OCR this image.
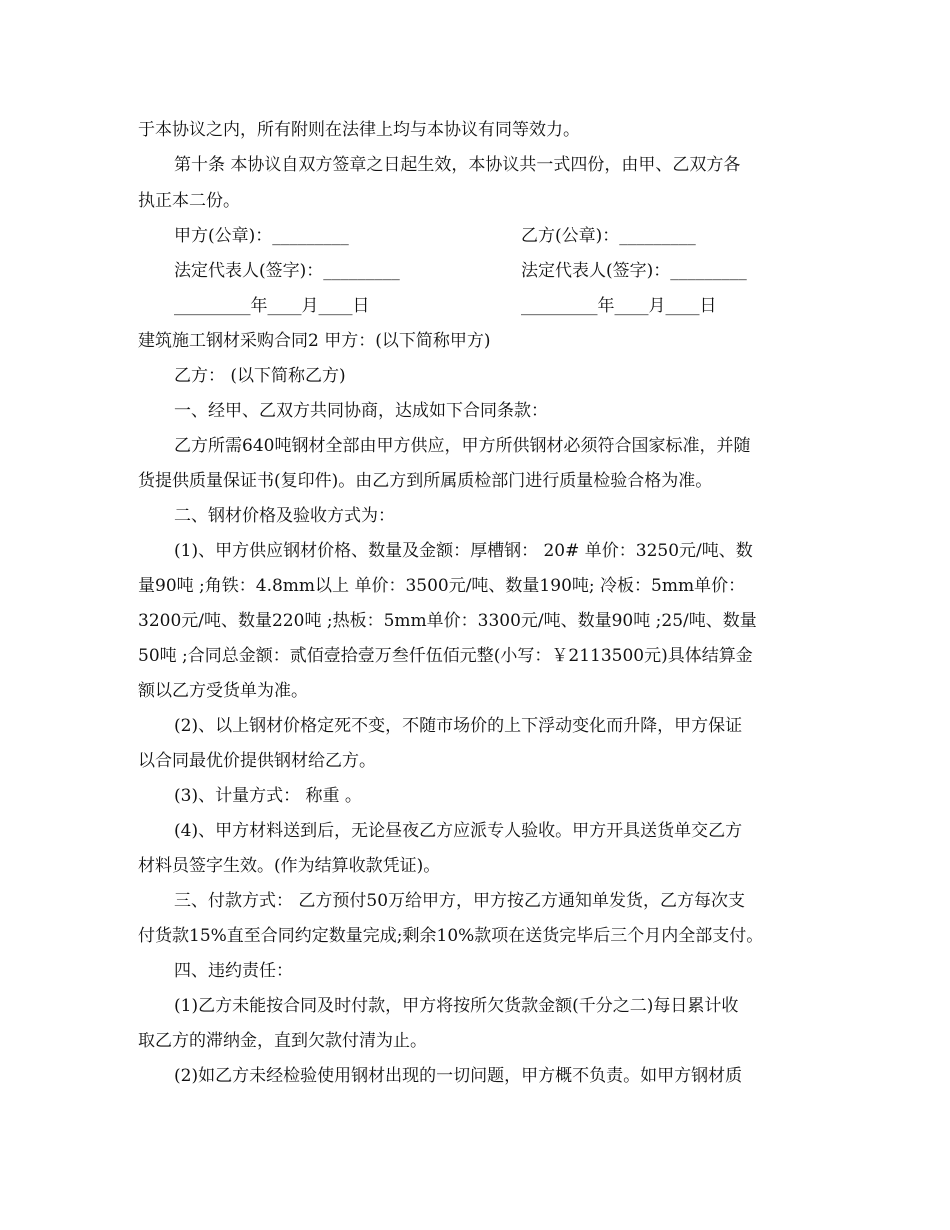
于本协议之内，所有附则在法律上均与本协议有同等效力。
第十条 本协议自双方签章之日起生效，本协议共一式四份，由甲、乙双方各
执正本二份。
甲方(公章)：_________	乙方(公章)：_________
法定代表人(签字)：_________	法定代表人(签字)：_________
_________年____月____日	_________年____月____日
建筑施工钢材采购合同2 甲方：(以下简称甲方)
乙方： (以下简称乙方)
一、经甲、乙双方共同协商，达成如下合同条款：
乙方所需640吨钢材全部由甲方供应，甲方所供钢材必须符合国家标准，并随
货提供质量保证书(复印件)。由乙方到所属质检部门进行质量检验合格为准。
二、钢材价格及验收方式为：
(1)、甲方供应钢材价格、数量及金额：厚槽钢： 20# 单价：3250元/吨、数
量90吨 ;角铁：4.8mm以上 单价：3500元/吨、数量190吨; 冷板：5mm单价：
3200元/吨、数量220吨 ;热板：5mm单价：3300元/吨、数量90吨 ;25/吨、数量
50吨 ;合同总金额：贰佰壹拾壹万叁仟伍佰元整(小写：￥2113500元)具体结算金
额以乙方受货单为准。
(2)、以上钢材价格定死不变，不随市场价的上下浮动变化而升降，甲方保证
以合同最优价提供钢材给乙方。
(3)、计量方式： 称重 。
(4)、甲方材料送到后，无论昼夜乙方应派专人验收。甲方开具送货单交乙方
材料员签字生效。(作为结算收款凭证)。
三、付款方式： 乙方预付50万给甲方，甲方按乙方通知单发货，乙方每次支
付货款15%直至合同约定数量完成;剩余10%款项在送货完毕后三个月内全部支付。
四、违约责任：
(1)乙方未能按合同及时付款，甲方将按所欠货款金额(千分之二)每日累计收
取乙方的滞纳金，直到欠款付清为止。
(2)如乙方未经检验使用钢材出现的一切问题，甲方概不负责。如甲方钢材质
